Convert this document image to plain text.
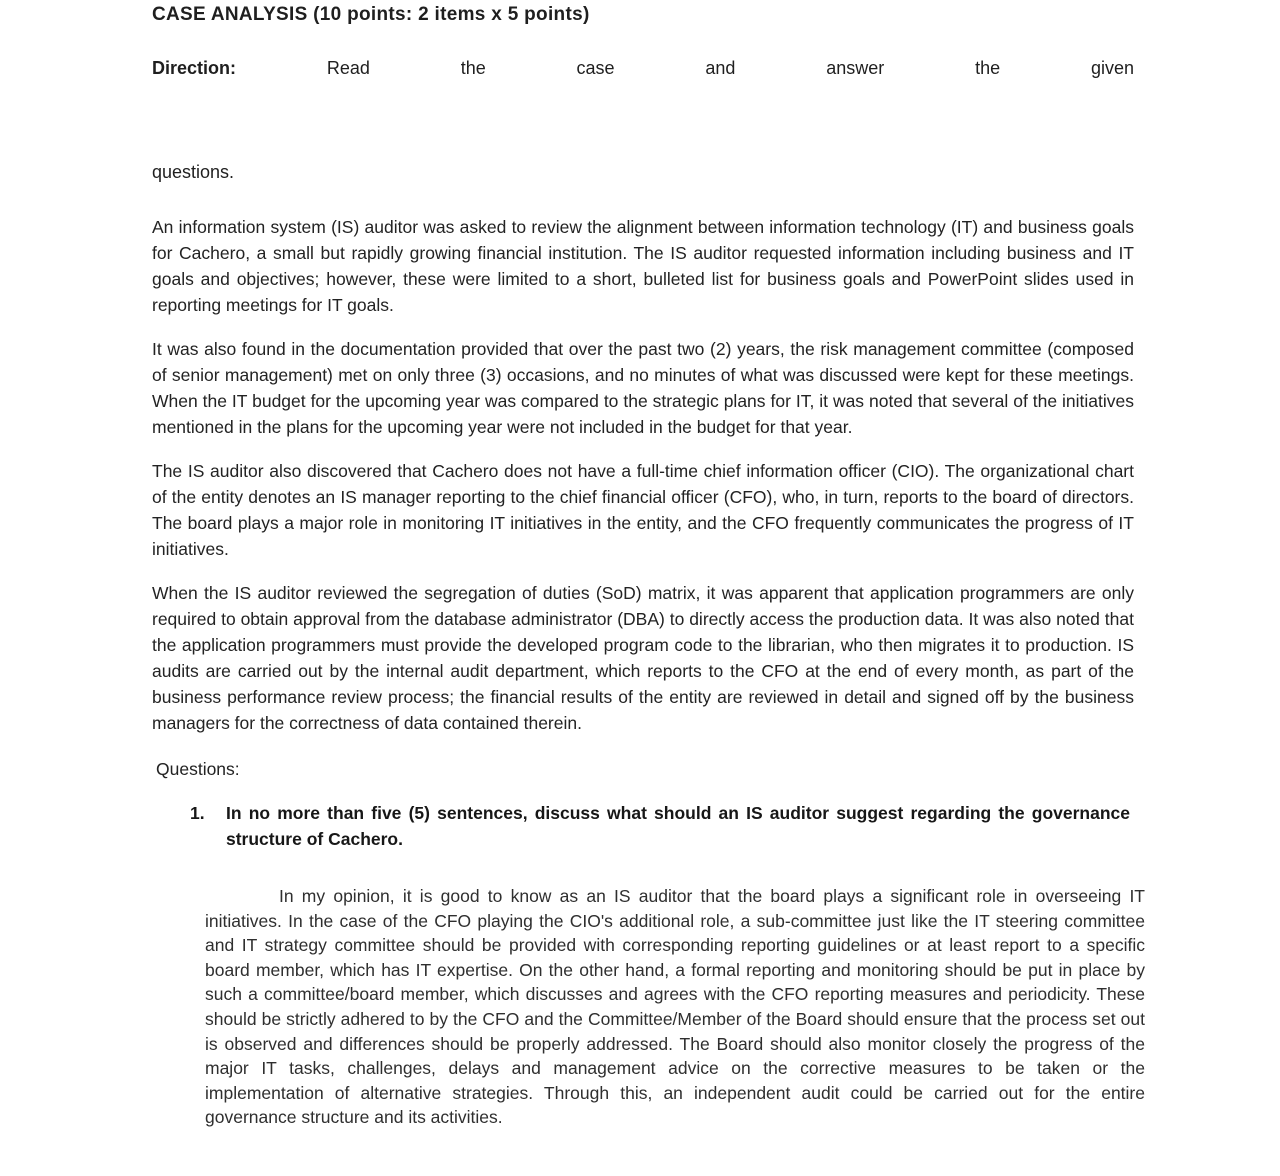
CASE ANALYSIS (10 points: 2 items x 5 points)
Direction:	Read the case and answer the given
questions.

An information system (IS) auditor was asked to review the alignment between information technology (IT) and business goals for Cachero, a small but rapidly growing financial institution. The IS auditor requested information including business and IT goals and objectives; however, these were limited to a short, bulleted list for business goals and PowerPoint slides used in reporting meetings for IT goals.

It was also found in the documentation provided that over the past two (2) years, the risk management committee (composed of senior management) met on only three (3) occasions, and no minutes of what was discussed were kept for these meetings. When the IT budget for the upcoming year was compared to the strategic plans for IT, it was noted that several of the initiatives mentioned in the plans for the upcoming year were not included in the budget for that year.

The IS auditor also discovered that Cachero does not have a full-time chief information officer (CIO). The organizational chart of the entity denotes an IS manager reporting to the chief financial officer (CFO), who, in turn, reports to the board of directors. The board plays a major role in monitoring IT initiatives in the entity, and the CFO frequently communicates the progress of IT initiatives.

When the IS auditor reviewed the segregation of duties (SoD) matrix, it was apparent that application programmers are only required to obtain approval from the database administrator (DBA) to directly access the production data. It was also noted that the application programmers must provide the developed program code to the librarian, who then migrates it to production. IS audits are carried out by the internal audit department, which reports to the CFO at the end of every month, as part of the business performance review process; the financial results of the entity are reviewed in detail and signed off by the business managers for the correctness of data contained therein.

Questions:

1. In no more than five (5) sentences, discuss what should an IS auditor suggest regarding the governance structure of Cachero.
In my opinion, it is good to know as an IS auditor that the board plays a significant role in overseeing IT initiatives. In the case of the CFO playing the CIO's additional role, a sub-committee just like the IT steering committee and IT strategy committee should be provided with corresponding reporting guidelines or at least report to a specific board member, which has IT expertise. On the other hand, a formal reporting and monitoring should be put in place by such a committee/board member, which discusses and agrees with the CFO reporting measures and periodicity. These should be strictly adhered to by the CFO and the Committee/Member of the Board should ensure that the process set out is observed and differences should be properly addressed. The Board should also monitor closely the progress of the major IT tasks, challenges, delays and management advice on the corrective measures to be taken or the implementation of alternative strategies. Through this, an independent audit could be carried out for the entire governance structure and its activities.
